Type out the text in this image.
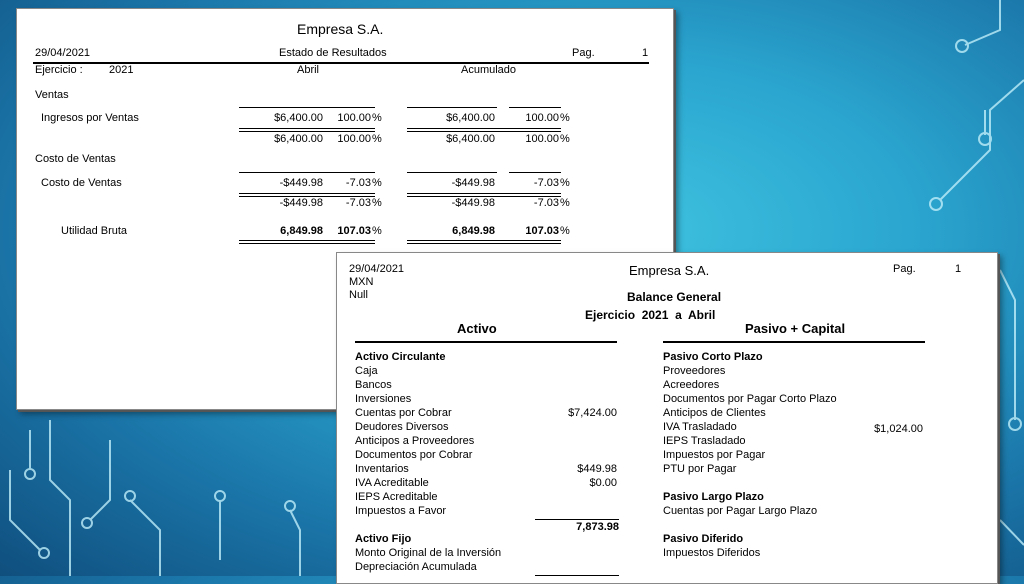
Empresa S.A.
29/04/2021	Estado de Resultados	Pag.	1
Ejercicio : 2021	Abril	Acumulado
Ventas
Ingresos por Ventas	$6,400.00	100.00 %	$6,400.00	100.00 %
$6,400.00	100.00 %	$6,400.00	100.00 %
Costo de Ventas
Costo de Ventas	-$449.98	-7.03 %	-$449.98	-7.03 %
-$449.98	-7.03 %	-$449.98	-7.03 %
Utilidad Bruta	6,849.98	107.03 %	6,849.98	107.03 %
29/04/2021	Empresa S.A.	Pag.	1
MXN
Null	Balance General
Ejercicio 2021 a Abril
Activo	Pasivo + Capital
Activo Circulante
Caja
Bancos
Inversiones
Cuentas por Cobrar	$7,424.00
Deudores Diversos
Anticipos a Proveedores
Documentos por Cobrar
Inventarios	$449.98
IVA Acreditable	$0.00
IEPS Acreditable
Impuestos a Favor
7,873.98
Activo Fijo
Monto Original de la Inversión
Depreciación Acumulada
Pasivo Corto Plazo
Proveedores
Acreedores
Documentos por Pagar Corto Plazo
Anticipos de Clientes
IVA Trasladado	$1,024.00
IEPS Trasladado
Impuestos por Pagar
PTU por Pagar
Pasivo Largo Plazo
Cuentas por Pagar Largo Plazo
Pasivo Diferido
Impuestos Diferidos
